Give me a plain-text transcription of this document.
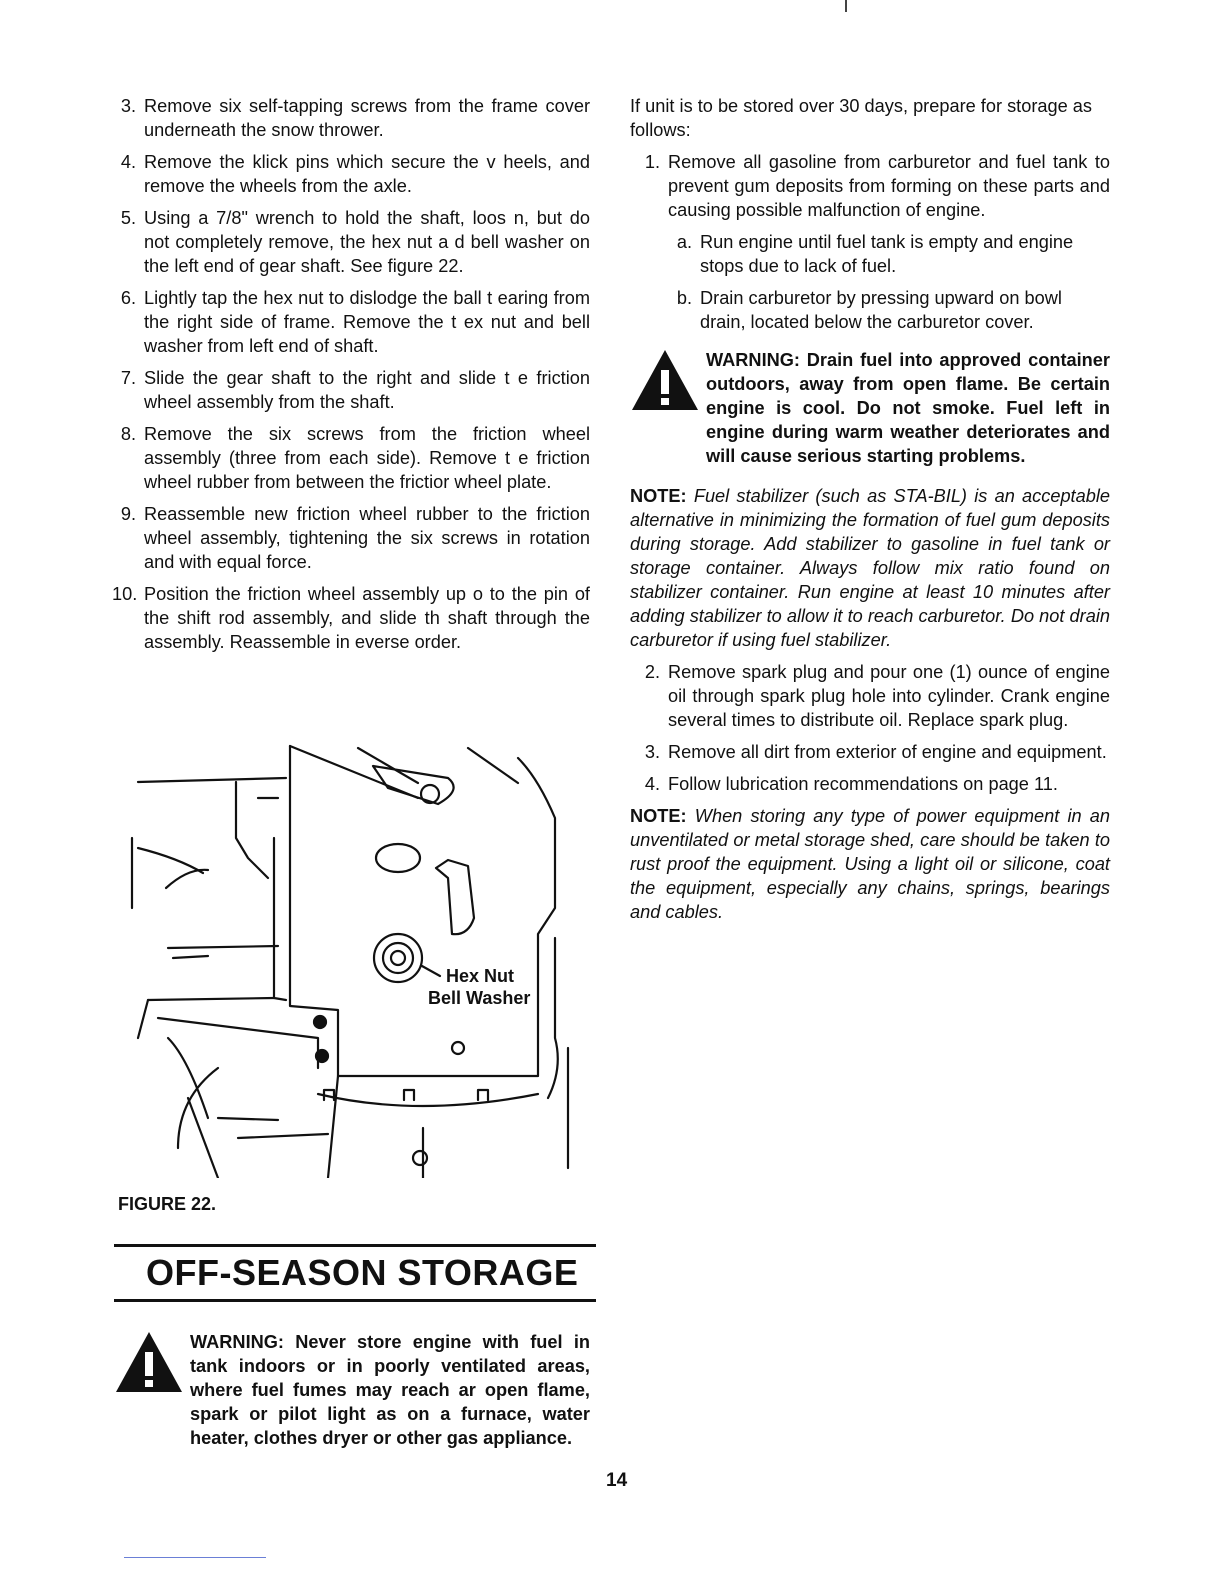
3. Remove six self-tapping screws from the frame cover underneath the snow thrower.
4. Remove the klick pins which secure the v heels, and remove the wheels from the axle.
5. Using a 7/8" wrench to hold the shaft, loos n, but do not completely remove, the hex nut a d bell washer on the left end of gear shaft. See figure 22.
6. Lightly tap the hex nut to dislodge the ball t earing from the right side of frame. Remove the t ex nut and bell washer from left end of shaft.
7. Slide the gear shaft to the right and slide t e friction wheel assembly from the shaft.
8. Remove the six screws from the friction wheel assembly (three from each side). Remove t e friction wheel rubber from between the frictior wheel plate.
9. Reassemble new friction wheel rubber to the friction wheel assembly, tightening the six screws in rotation and with equal force.
10. Position the friction wheel assembly up o to the pin of the shift rod assembly, and slide th shaft through the assembly. Reassemble in everse order.
Hex Nut
Bell Washer
FIGURE 22.
OFF-SEASON STORAGE
WARNING: Never store engine with fuel in tank indoors or in poorly ventilated areas, where fuel fumes may reach ar open flame, spark or pilot light as on a furnace, water heater, clothes dryer or other gas appliance.

If unit is to be stored over 30 days, prepare for storage as follows:

1. Remove all gasoline from carburetor and fuel tank to prevent gum deposits from forming on these parts and causing possible malfunction of engine.
a. Run engine until fuel tank is empty and engine stops due to lack of fuel.
b. Drain carburetor by pressing upward on bowl drain, located below the carburetor cover.
WARNING: Drain fuel into approved container outdoors, away from open flame. Be certain engine is cool. Do not smoke. Fuel left in engine during warm weather deteriorates and will cause serious starting problems.

NOTE: Fuel stabilizer (such as STA-BIL) is an acceptable alternative in minimizing the formation of fuel gum deposits during storage. Add stabilizer to gasoline in fuel tank or storage container. Always follow mix ratio found on stabilizer container. Run engine at least 10 minutes after adding stabilizer to allow it to reach carburetor. Do not drain carburetor if using fuel stabilizer.

2. Remove spark plug and pour one (1) ounce of engine oil through spark plug hole into cylinder. Crank engine several times to distribute oil. Replace spark plug.
3. Remove all dirt from exterior of engine and equipment.
4. Follow lubrication recommendations on page 11.

NOTE: When storing any type of power equipment in an unventilated or metal storage shed, care should be taken to rust proof the equipment. Using a light oil or silicone, coat the equipment, especially any chains, springs, bearings and cables.

14
